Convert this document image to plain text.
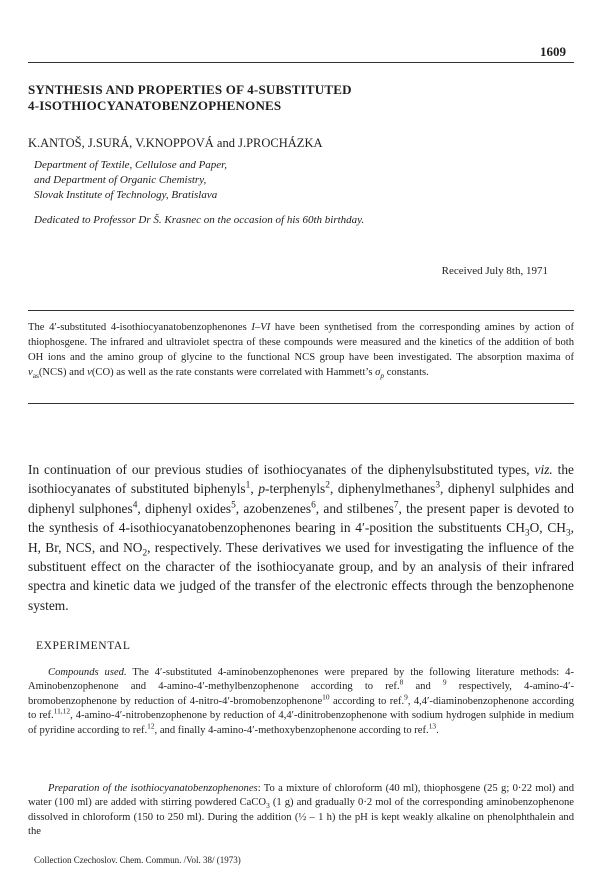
1609
SYNTHESIS AND PROPERTIES OF 4-SUBSTITUTED
4-ISOTHIOCYANATOBENZOPHENONES
K.ANTOŠ, J.SURÁ, V.KNOPPOVÁ and J.PROCHÁZKA
Department of Textile, Cellulose and Paper,
and Department of Organic Chemistry,
Slovak Institute of Technology, Bratislava
Dedicated to Professor Dr Š. Krasnec on the occasion of his 60th birthday.
Received July 8th, 1971

The 4′-substituted 4-isothiocyanatobenzophenones I–VI have been synthetised from the corresponding amines by action of thiophosgene. The infrared and ultraviolet spectra of these compounds were measured and the kinetics of the addition of both OH ions and the amino group of glycine to the functional NCS group have been investigated. The absorption maxima of $\nu_{as}(NCS)$ and ν(CO) as well as the rate constants were correlated with Hammett’s $\sigma_p$ constants.

In continuation of our previous studies of isothiocyanates of the diphenylsubstituted types, viz. the isothiocyanates of substituted biphenyls$^1$, p-terphenyls$^2$, diphenylmethanes$^3$, diphenyl sulphides and diphenyl sulphones$^4$, diphenyl oxides$^5$, azobenzenes$^6$, and stilbenes$^7$, the present paper is devoted to the synthesis of 4-isothiocyanatobenzophenones bearing in 4′-position the substituents $CH_3O$, $CH_3$, H, Br, NCS, and $NO_2$, respectively. These derivatives we used for investigating the influence of the substituent effect on the character of the isothiocyanate group, and by an analysis of their infrared spectra and kinetic data we judged of the transfer of the electronic effects through the benzophenone system.

EXPERIMENTAL

Compounds used. The 4′-substituted 4-aminobenzophenones were prepared by the following literature methods: 4-Aminobenzophenone and 4-amino-4′-methylbenzophenone according to ref.$^8$ and $^9$ respectively, 4-amino-4′-bromobenzophenone by reduction of 4-nitro-4′-bromobenzophenone$^{10}$ according to ref.$^9$, 4,4′-diaminobenzophenone according to ref.$^{11,12}$, 4-amino-4′-nitrobenzophenone by reduction of 4,4′-dinitrobenzophenone with sodium hydrogen sulphide in medium of pyridine according to ref.$^{12}$, and finally 4-amino-4′-methoxybenzophenone according to ref.$^{13}$.

Preparation of the isothiocyanatobenzophenones: To a mixture of chloroform (40 ml), thiophosgene (25 g; 0·22 mol) and water (100 ml) are added with stirring powdered CaCO$_3$ (1 g) and gradually 0·2 mol of the corresponding aminobenzophenone dissolved in chloroform (150 to 250 ml). During the addition (½ – 1 h) the pH is kept weakly alkaline on phenolphthalein and the

Collection Czechoslov. Chem. Commun. /Vol. 38/ (1973)
